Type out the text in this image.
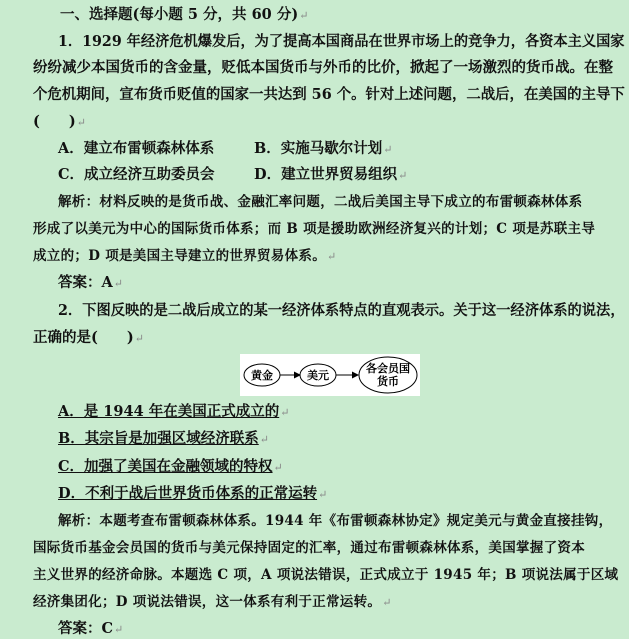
一、选择题(每小题 5 分，共 60 分)↵
1．1929 年经济危机爆发后，为了提高本国商品在世界市场上的竞争力，各资本主义国家
纷纷减少本国货币的含金量，贬低本国货币与外币的比价，掀起了一场激烈的货币战。在整
个危机期间，宣布货币贬值的国家一共达到 56 个。针对上述问题，二战后，在美国的主导下
(　　)↵
A．建立布雷顿森林体系	B．实施马歇尔计划↵
C．成立经济互助委员会	D．建立世界贸易组织↵
解析：材料反映的是货币战、金融汇率问题，二战后美国主导下成立的布雷顿森林体系
形成了以美元为中心的国际货币体系；而 B 项是援助欧洲经济复兴的计划；C 项是苏联主导
成立的；D 项是美国主导建立的世界贸易体系。↵
答案：A↵
2．下图反映的是二战后成立的某一经济体系特点的直观表示。关于这一经济体系的说法，
正确的是(　　)↵
黄金	美元
各会员国
货币
A．是 1944 年在美国正式成立的↵
B．其宗旨是加强区域经济联系↵
C．加强了美国在金融领域的特权↵
D．不利于战后世界货币体系的正常运转↵
解析：本题考查布雷顿森林体系。1944 年《布雷顿森林协定》规定美元与黄金直接挂钩，
国际货币基金会员国的货币与美元保持固定的汇率，通过布雷顿森林体系，美国掌握了资本
主义世界的经济命脉。本题选 C 项，A 项说法错误，正式成立于 1945 年；B 项说法属于区域
经济集团化；D 项说法错误，这一体系有利于正常运转。↵
答案：C↵
